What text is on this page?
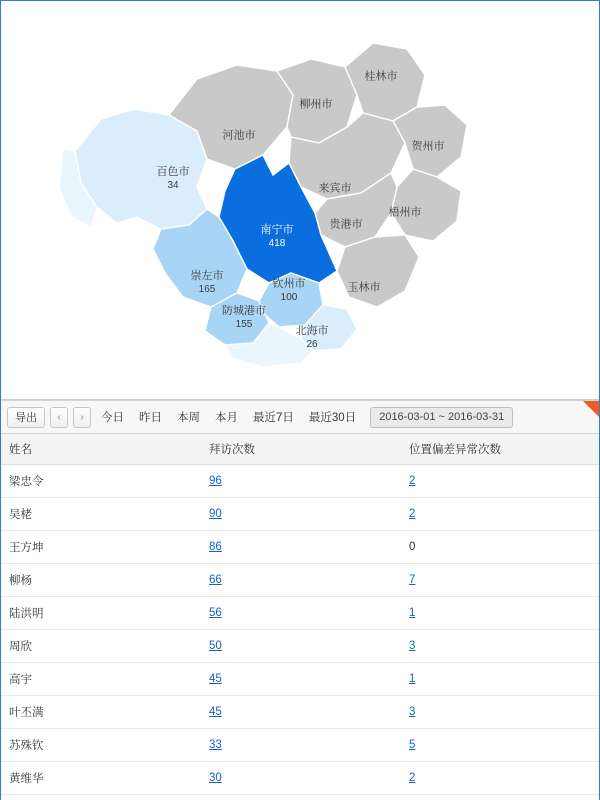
桂林市
柳州市
河池市
贺州市
百色市
34	来宾市
贵港市
梧州市
南宁市
418
崇左市
165	玉林市
钦州市
100
防城港市
155
北海市
26
导出	‹	›	今日	昨日	本周	本月	最近7日	最近30日	2016-03-01 ~ 2016-03-31
姓名	拜访次数	位置偏差异常次数
梁忠令	96	2
吴栳	90	2
王方坤	86	0
柳杨	66	7
陆洪明	56	1
周欣	50	3
高宇	45	1
叶丕满	45	3
苏殊钦	33	5
黄维华	30	2
